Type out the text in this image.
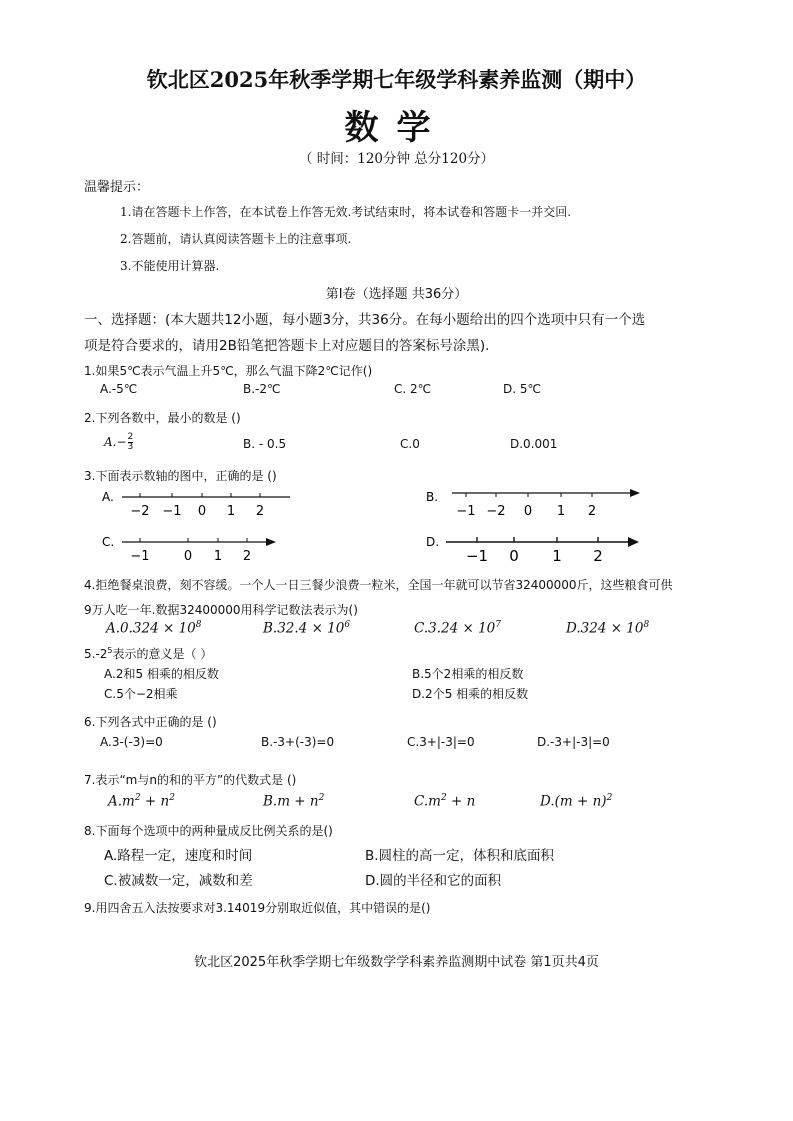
钦北区2025年秋季学期七年级学科素养监测（期中）
数学
（ 时间：120分钟 总分120分）
温馨提示：
1.请在答题卡上作答，在本试卷上作答无效.考试结束时，将本试卷和答题卡一并交回.
2.答题前，请认真阅读答题卡上的注意事项.
3.不能使用计算器.
第Ⅰ卷（选择题 共36分）
一、选择题：(本大题共12小题，每小题3分，共36分。在每小题给出的四个选项中只有一个选
项是符合要求的，请用2B铅笔把答题卡上对应题目的答案标号涂黑).
1.如果5℃表示气温上升5℃，那么气温下降2℃记作()
A.-5℃	B.-2℃	C. 2℃	D. 5℃
2.下列各数中，最小的数是 ()
$A.- \frac{2}{3}$	B. - 0.5	C.0	D.0.001
3.下面表示数轴的图中，正确的是 ()
A.
−2 −1 0 1 2
B.
−1 −2 0 1 2
C.
−1	0 1 2
D.
−1 0 1 2
4.拒绝餐桌浪费，刻不容缓。一个人一日三餐少浪费一粒米，全国一年就可以节省32400000斤，这些粮食可供
9万人吃一年.数据32400000用科学记数法表示为()
$A.0.324 \times 10^8$	$B.32.4 \times 10^6$	$C.3.24 \times 10^7$	$D.324 \times 10^8$
$5.-2^5$表示的意义是（ ）
A.2和5 相乘的相反数	B.5个2相乘的相反数
C.5个−2相乘	D.2个5 相乘的相反数
6.下列各式中正确的是 ()
A.3-(-3)=0	B.-3+(-3)=0	C.3+|-3|=0	D.-3+|-3|=0
7.表示“m与n的和的平方”的代数式是 ()
$A.m^2 + n^2$	$B.m + n^2$	$C.m^2 + n$	$D.(m + n)^2$
8.下面每个选项中的两种量成反比例关系的是()
A.路程一定，速度和时间	B.圆柱的高一定，体积和底面积
C.被减数一定，减数和差	D.圆的半径和它的面积
9.用四舍五入法按要求对3.14019分别取近似值，其中错误的是()
钦北区2025年秋季学期七年级数学学科素养监测期中试卷 第1页共4页
